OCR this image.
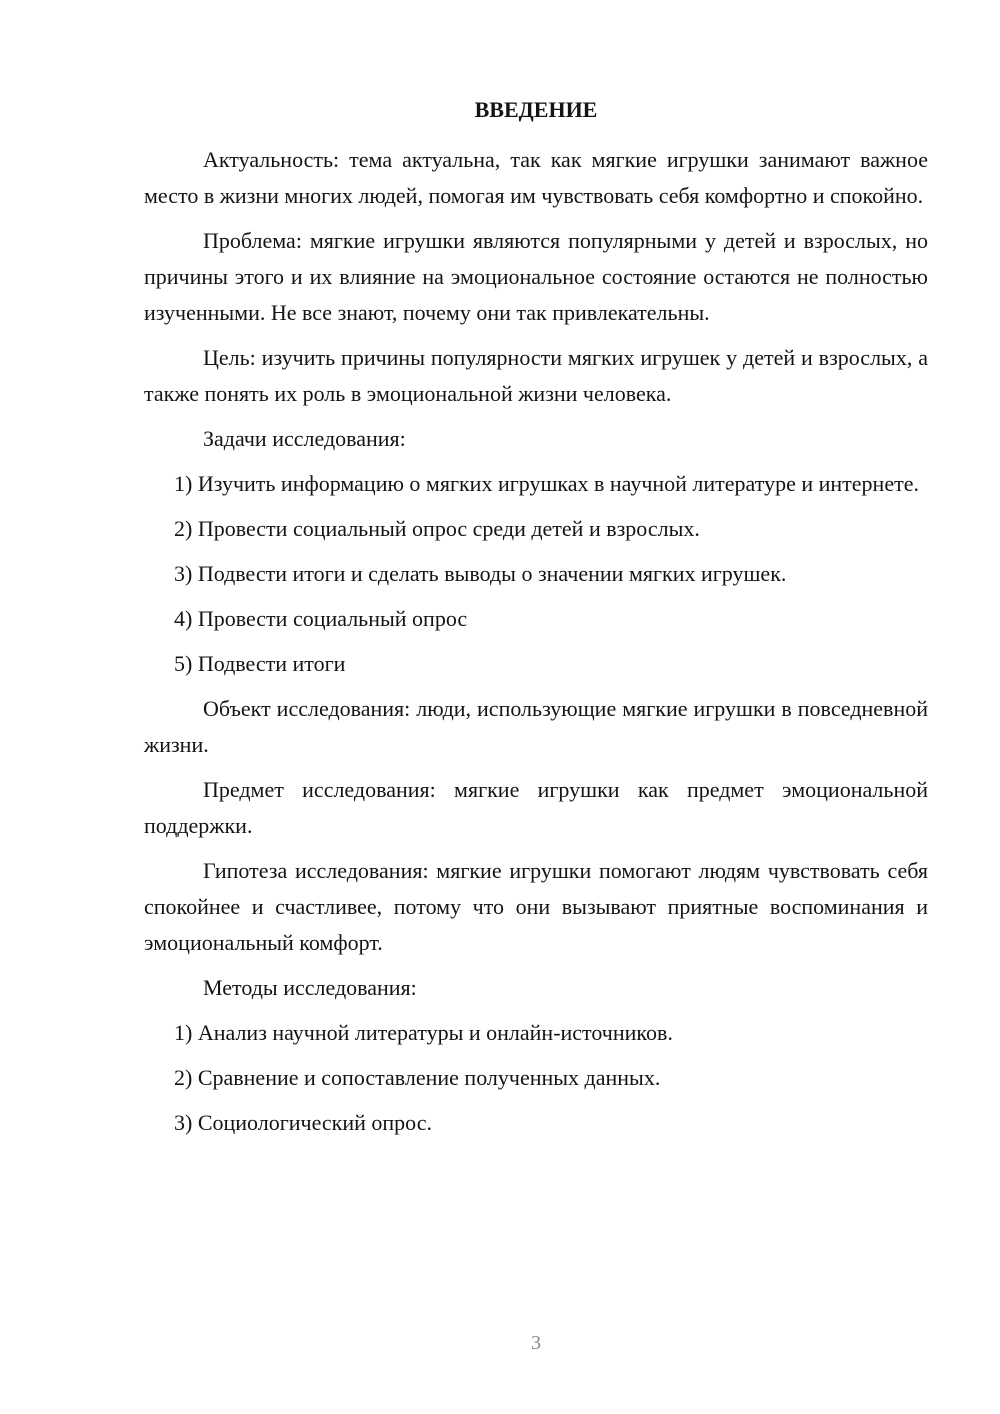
ВВЕДЕНИЕ

Актуальность: тема актуальна, так как мягкие игрушки занимают важное место в жизни многих людей, помогая им чувствовать себя комфортно и спокойно.

Проблема: мягкие игрушки являются популярными у детей и взрослых, но причины этого и их влияние на эмоциональное состояние остаются не полностью изученными. Не все знают, почему они так привлекательны.

Цель: изучить причины популярности мягких игрушек у детей и взрослых, а также понять их роль в эмоциональной жизни человека.

Задачи исследования:

1) Изучить информацию о мягких игрушках в научной литературе и интернете.

2) Провести социальный опрос среди детей и взрослых.

3) Подвести итоги и сделать выводы о значении мягких игрушек.

4) Провести социальный опрос

5) Подвести итоги

Объект исследования: люди, использующие мягкие игрушки в повседневной жизни.

Предмет исследования: мягкие игрушки как предмет эмоциональной поддержки.

Гипотеза исследования: мягкие игрушки помогают людям чувствовать себя спокойнее и счастливее, потому что они вызывают приятные воспоминания и эмоциональный комфорт.

Методы исследования:

1) Анализ научной литературы и онлайн-источников.

2) Сравнение и сопоставление полученных данных.

3) Социологический опрос.

3
